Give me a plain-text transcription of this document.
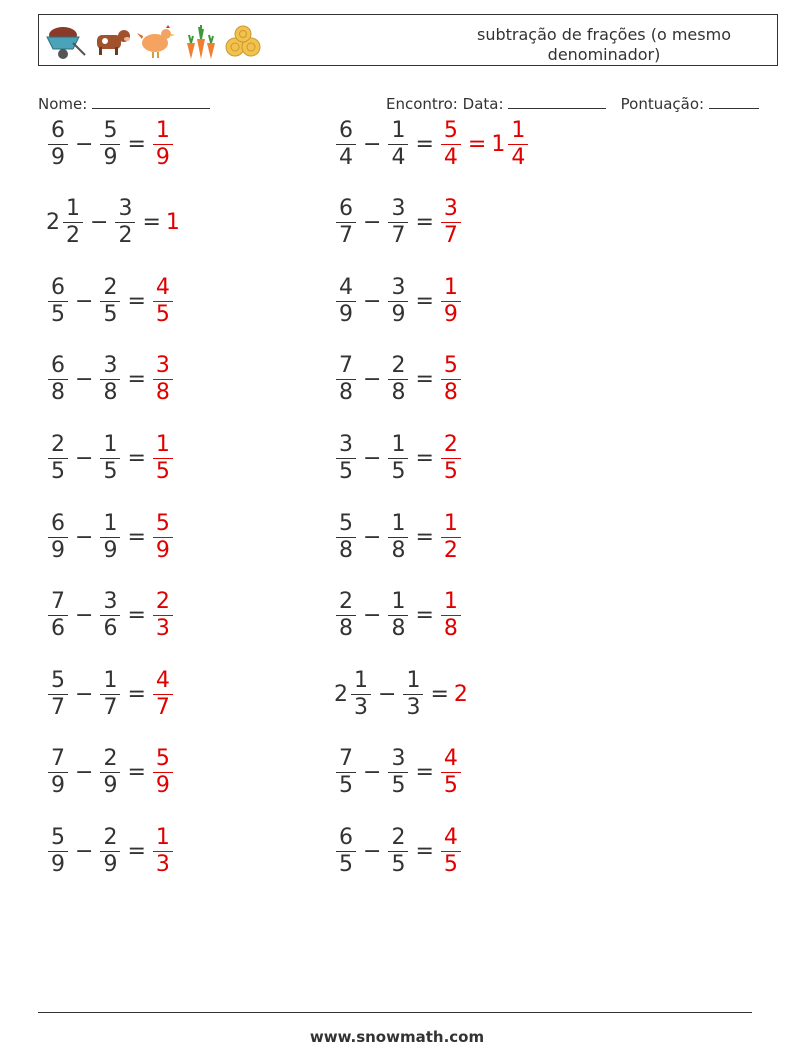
subtração de frações (o mesmo denominador)
Nome:	Encontro: Data:	Pontuação:
$\frac{6}{9} - \frac{5}{9} = \frac{1}{9}$	$\frac{6}{4} - \frac{1}{4} = \frac{5}{4} = 1 \frac{1}{4}$
$2 \frac{1}{2} - \frac{3}{2} = 1$	$\frac{6}{7} - \frac{3}{7} = \frac{3}{7}$
$\frac{6}{5} - \frac{2}{5} = \frac{4}{5}$	$\frac{4}{9} - \frac{3}{9} = \frac{1}{9}$
$\frac{6}{8} - \frac{3}{8} = \frac{3}{8}$	$\frac{7}{8} - \frac{2}{8} = \frac{5}{8}$
$\frac{2}{5} - \frac{1}{5} = \frac{1}{5}$	$\frac{3}{5} - \frac{1}{5} = \frac{2}{5}$
$\frac{6}{9} - \frac{1}{9} = \frac{5}{9}$	$\frac{5}{8} - \frac{1}{8} = \frac{1}{2}$
$\frac{7}{6} - \frac{3}{6} = \frac{2}{3}$	$\frac{2}{8} - \frac{1}{8} = \frac{1}{8}$
$\frac{5}{7} - \frac{1}{7} = \frac{4}{7}$	$2 \frac{1}{3} - \frac{1}{3} = 2$
$\frac{7}{9} - \frac{2}{9} = \frac{5}{9}$	$\frac{7}{5} - \frac{3}{5} = \frac{4}{5}$
$\frac{5}{9} - \frac{2}{9} = \frac{1}{3}$	$\frac{6}{5} - \frac{2}{5} = \frac{4}{5}$
www.snowmath.com
